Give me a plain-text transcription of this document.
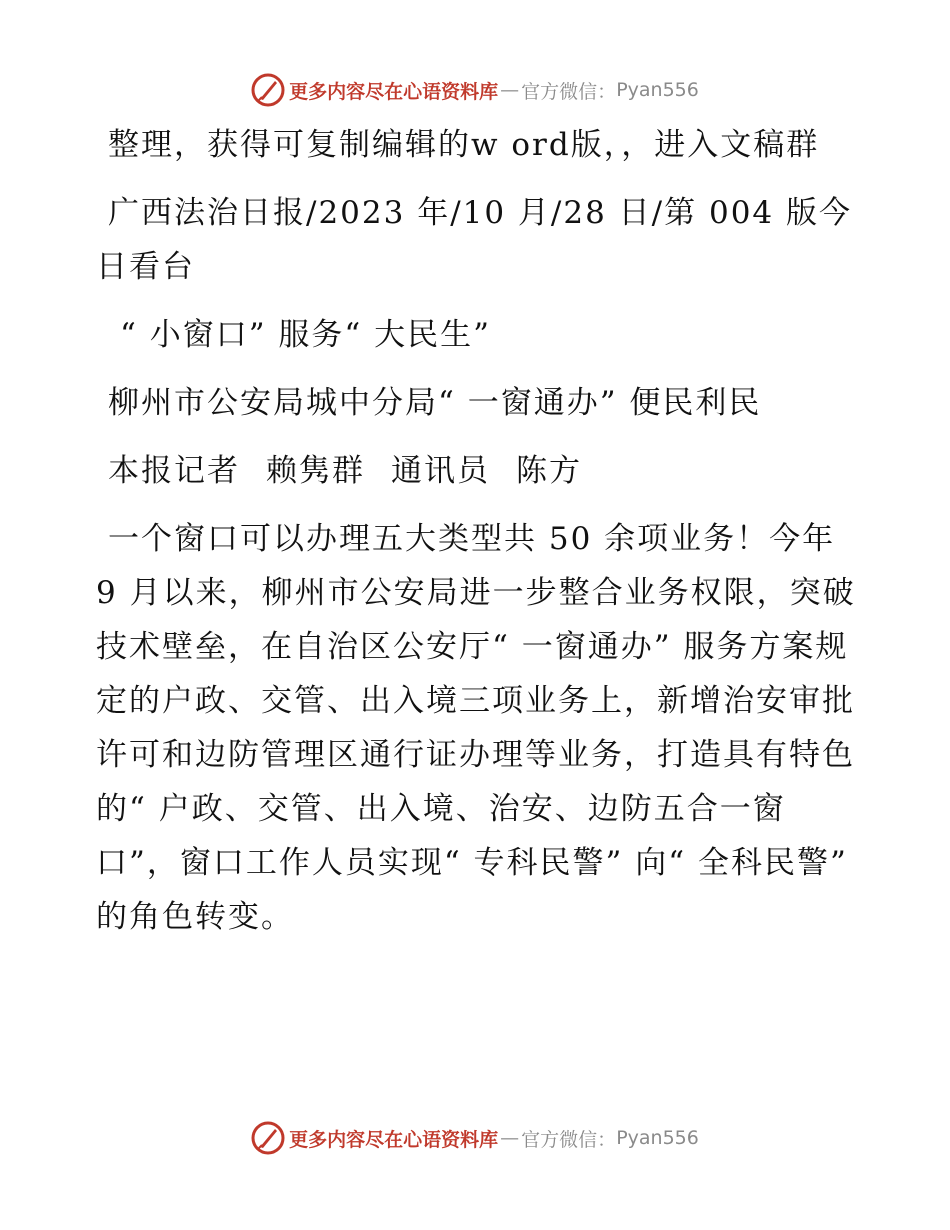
更多内容尽在心语资料库 — 官方微信： Pyan556

整理，获得可复制编辑的w ord版，，进入文稿群

广西法治日报/2023 年/10 月/28 日/第 004 版今日看台

“ 小窗口” 服务“ 大民生”

柳州市公安局城中分局“ 一窗通办” 便民利民

本报记者 赖隽群 通讯员 陈方

一个窗口可以办理五大类型共 50 余项业务！今年 9 月以来，柳州市公安局进一步整合业务权限，突破技术壁垒，在自治区公安厅“ 一窗通办” 服务方案规定的户政、交管、出入境三项业务上，新增治安审批许可和边防管理区通行证办理等业务，打造具有特色的“ 户政、交管、出入境、治安、边防五合一窗口”，窗口工作人员实现“ 专科民警” 向“ 全科民警” 的角色转变。

更多内容尽在心语资料库 — 官方微信： Pyan556
